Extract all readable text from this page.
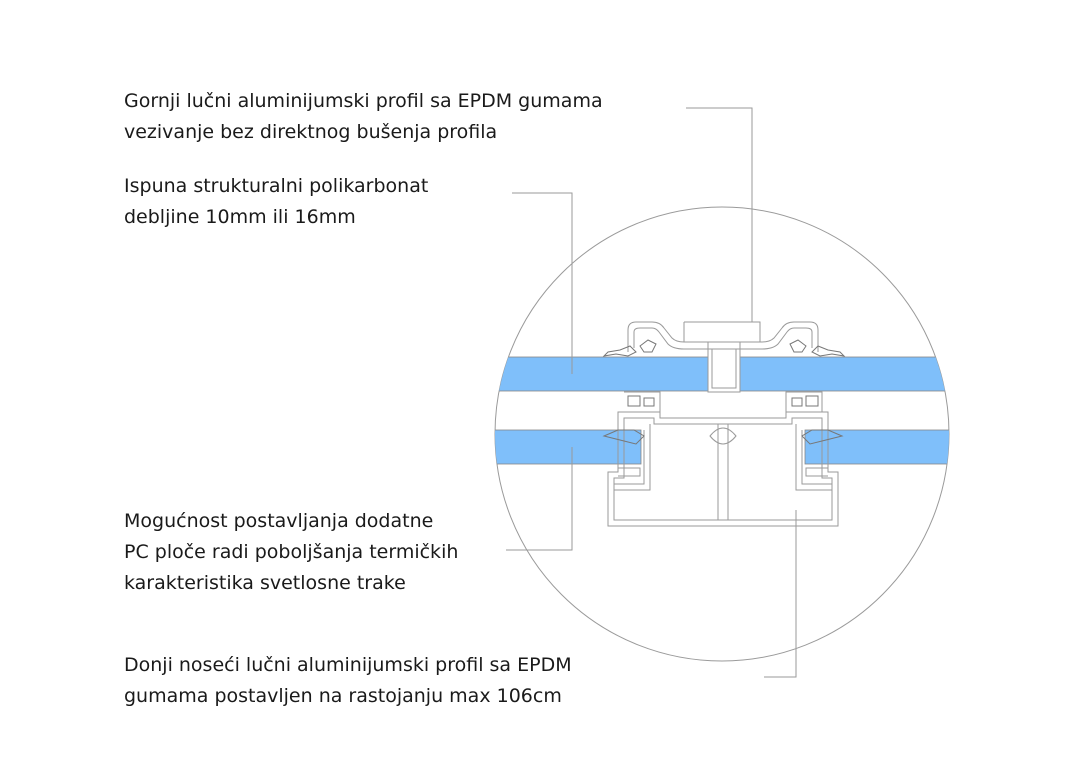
Gornji lučni aluminijumski profil sa EPDM gumama
vezivanje bez direktnog bušenja profila
Ispuna strukturalni polikarbonat
debljine 10mm ili 16mm
Mogućnost postavljanja dodatne
PC ploče radi poboljšanja termičkih
karakteristika svetlosne trake
Donji noseći lučni aluminijumski profil sa EPDM
gumama postavljen na rastojanju max 106cm
